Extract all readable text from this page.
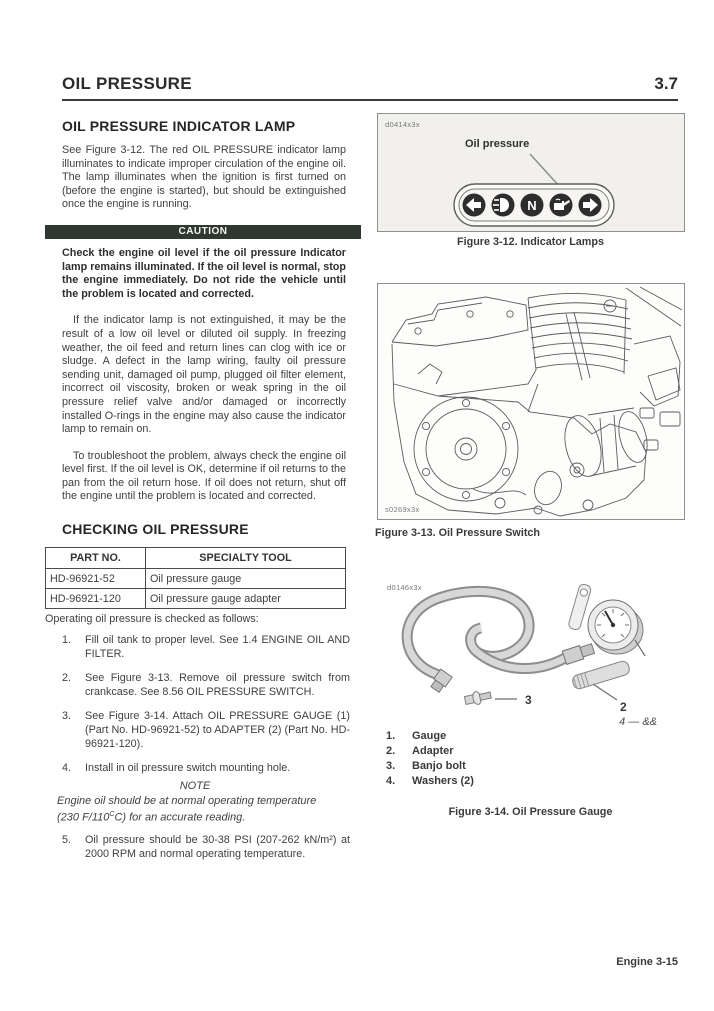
OIL PRESSURE	3.7
OIL PRESSURE INDICATOR LAMP

See Figure 3-12. The red OIL PRESSURE indicator lamp illuminates to indicate improper circulation of the engine oil. The lamp illuminates when the ignition is first turned on (before the engine is started), but should be extinguished once the engine is running.

CAUTION

Check the engine oil level if the oil pressure Indicator lamp remains illuminated. If the oil level is normal, stop the engine immediately. Do not ride the vehicle until the problem is located and corrected.

If the indicator lamp is not extinguished, it may be the result of a low oil level or diluted oil supply. In freezing weather, the oil feed and return lines can clog with ice or sludge. A defect in the lamp wiring, faulty oil pressure sending unit, damaged oil pump, plugged oil filter element, incorrect oil viscosity, broken or weak spring in the oil pressure relief valve and/or damaged or incorrectly installed O-rings in the engine may also cause the indicator lamp to remain on.

To troubleshoot the problem, always check the engine oil level first. If the oil level is OK, determine if oil returns to the pan from the oil return hose. If oil does not return, shut off the engine until the problem is located and corrected.

CHECKING OIL PRESSURE
PART NO.	SPECIALTY TOOL
HD-96921-52	Oil pressure gauge
HD-96921-120	Oil pressure gauge adapter
Operating oil pressure is checked as follows:
1.	Fill oil tank to proper level. See 1.4 ENGINE OIL AND FILTER.
2.	See Figure 3-13. Remove oil pressure switch from crankcase. See 8.56 OIL PRESSURE SWITCH.
3.	See Figure 3-14. Attach OIL PRESSURE GAUGE (1) (Part No. HD-96921-52) to ADAPTER (2) (Part No. HD-96921-120).
4.	Install in oil pressure switch mounting hole.
NOTE
Engine oil should be at normal operating temperature
(230 F/110$^C$C) for an accurate reading.
5.	Oil pressure should be 30-38 PSI (207-262 kN/m²) at 2000 RPM and normal operating temperature.
d0414x3x
N
Oil pressure
Figure 3-12. Indicator Lamps
s0269x3x
Figure 3-13. Oil Pressure Switch
d0146x3x
3	2
4 — &&
1.	Gauge
2.	Adapter
3.	Banjo bolt
4.	Washers (2)
Figure 3-14. Oil Pressure Gauge
Engine 3-15
